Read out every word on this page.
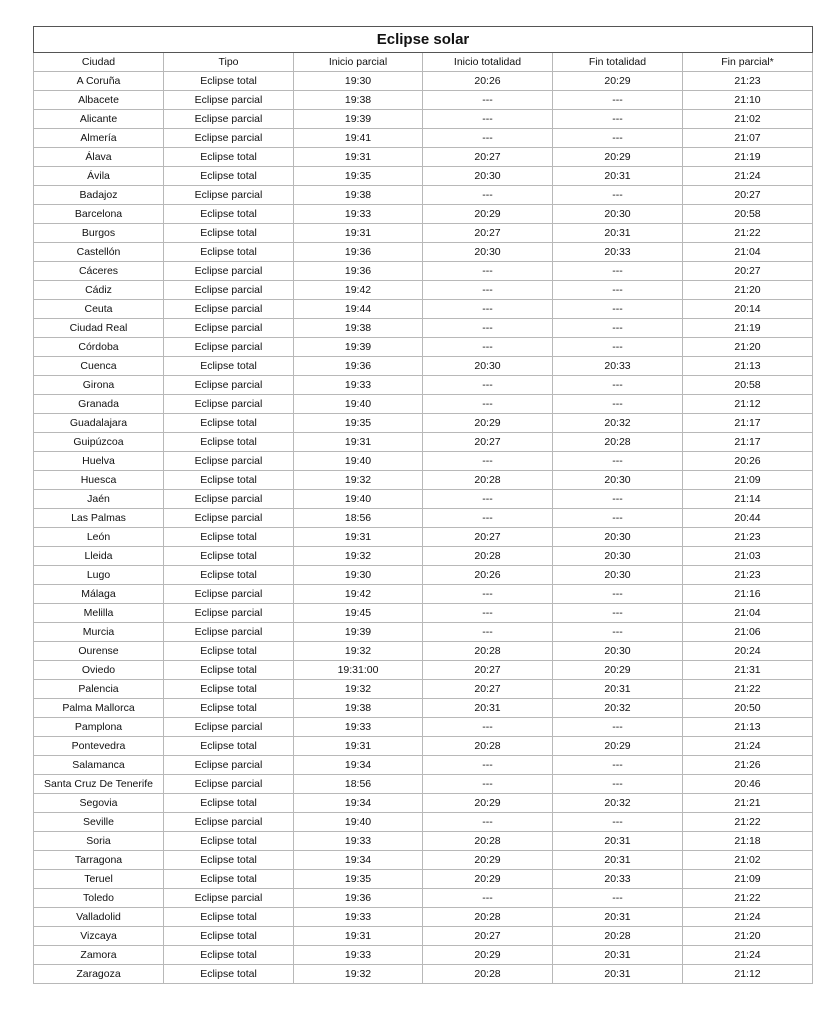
Eclipse solar					
Ciudad	Tipo	Inicio parcial	Inicio totalidad	Fin totalidad	Fin parcial*
A Coruña	Eclipse total	19:30	20:26	20:29	21:23
Albacete	Eclipse parcial	19:38	---	---	21:10
Alicante	Eclipse parcial	19:39	---	---	21:02
Almería	Eclipse parcial	19:41	---	---	21:07
Álava	Eclipse total	19:31	20:27	20:29	21:19
Ávila	Eclipse total	19:35	20:30	20:31	21:24
Badajoz	Eclipse parcial	19:38	---	---	20:27
Barcelona	Eclipse total	19:33	20:29	20:30	20:58
Burgos	Eclipse total	19:31	20:27	20:31	21:22
Castellón	Eclipse total	19:36	20:30	20:33	21:04
Cáceres	Eclipse parcial	19:36	---	---	20:27
Cádiz	Eclipse parcial	19:42	---	---	21:20
Ceuta	Eclipse parcial	19:44	---	---	20:14
Ciudad Real	Eclipse parcial	19:38	---	---	21:19
Córdoba	Eclipse parcial	19:39	---	---	21:20
Cuenca	Eclipse total	19:36	20:30	20:33	21:13
Girona	Eclipse parcial	19:33	---	---	20:58
Granada	Eclipse parcial	19:40	---	---	21:12
Guadalajara	Eclipse total	19:35	20:29	20:32	21:17
Guipúzcoa	Eclipse total	19:31	20:27	20:28	21:17
Huelva	Eclipse parcial	19:40	---	---	20:26
Huesca	Eclipse total	19:32	20:28	20:30	21:09
Jaén	Eclipse parcial	19:40	---	---	21:14
Las Palmas	Eclipse parcial	18:56	---	---	20:44
León	Eclipse total	19:31	20:27	20:30	21:23
Lleida	Eclipse total	19:32	20:28	20:30	21:03
Lugo	Eclipse total	19:30	20:26	20:30	21:23
Málaga	Eclipse parcial	19:42	---	---	21:16
Melilla	Eclipse parcial	19:45	---	---	21:04
Murcia	Eclipse parcial	19:39	---	---	21:06
Ourense	Eclipse total	19:32	20:28	20:30	20:24
Oviedo	Eclipse total	19:31:00	20:27	20:29	21:31
Palencia	Eclipse total	19:32	20:27	20:31	21:22
Palma Mallorca	Eclipse total	19:38	20:31	20:32	20:50
Pamplona	Eclipse parcial	19:33	---	---	21:13
Pontevedra	Eclipse total	19:31	20:28	20:29	21:24
Salamanca	Eclipse parcial	19:34	---	---	21:26
Santa Cruz De Tenerife	Eclipse parcial	18:56	---	---	20:46
Segovia	Eclipse total	19:34	20:29	20:32	21:21
Seville	Eclipse parcial	19:40	---	---	21:22
Soria	Eclipse total	19:33	20:28	20:31	21:18
Tarragona	Eclipse total	19:34	20:29	20:31	21:02
Teruel	Eclipse total	19:35	20:29	20:33	21:09
Toledo	Eclipse parcial	19:36	---	---	21:22
Valladolid	Eclipse total	19:33	20:28	20:31	21:24
Vizcaya	Eclipse total	19:31	20:27	20:28	21:20
Zamora	Eclipse total	19:33	20:29	20:31	21:24
Zaragoza	Eclipse total	19:32	20:28	20:31	21:12
